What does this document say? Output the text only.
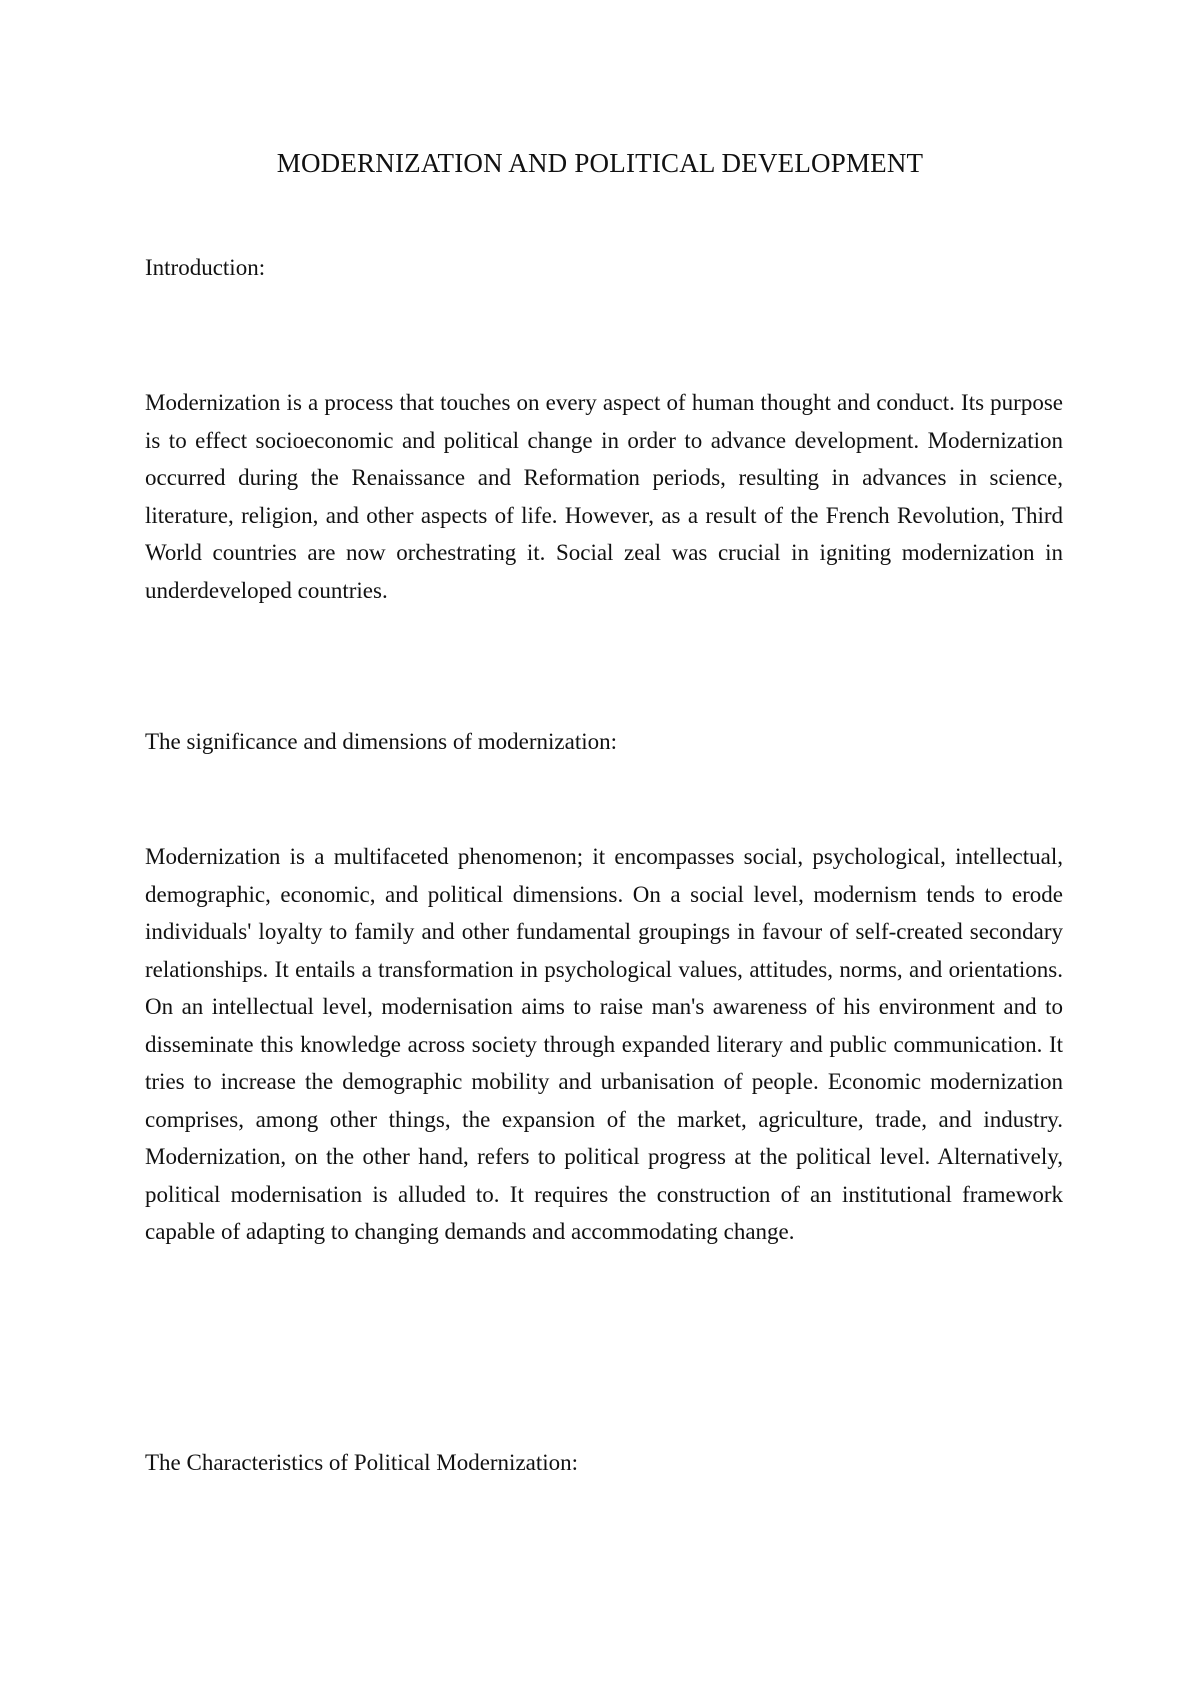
MODERNIZATION AND POLITICAL DEVELOPMENT
Introduction:

Modernization is a process that touches on every aspect of human thought and conduct. Its purpose is to effect socioeconomic and political change in order to advance development. Modernization occurred during the Renaissance and Reformation periods, resulting in advances in science, literature, religion, and other aspects of life. However, as a result of the French Revolution, Third World countries are now orchestrating it. Social zeal was crucial in igniting modernization in underdeveloped countries.

The significance and dimensions of modernization:

Modernization is a multifaceted phenomenon; it encompasses social, psychological, intellectual, demographic, economic, and political dimensions. On a social level, modernism tends to erode individuals' loyalty to family and other fundamental groupings in favour of self-created secondary relationships. It entails a transformation in psychological values, attitudes, norms, and orientations. On an intellectual level, modernisation aims to raise man's awareness of his environment and to disseminate this knowledge across society through expanded literary and public communication. It tries to increase the demographic mobility and urbanisation of people. Economic modernization comprises, among other things, the expansion of the market, agriculture, trade, and industry. Modernization, on the other hand, refers to political progress at the political level. Alternatively, political modernisation is alluded to. It requires the construction of an institutional framework capable of adapting to changing demands and accommodating change.

The Characteristics of Political Modernization:
